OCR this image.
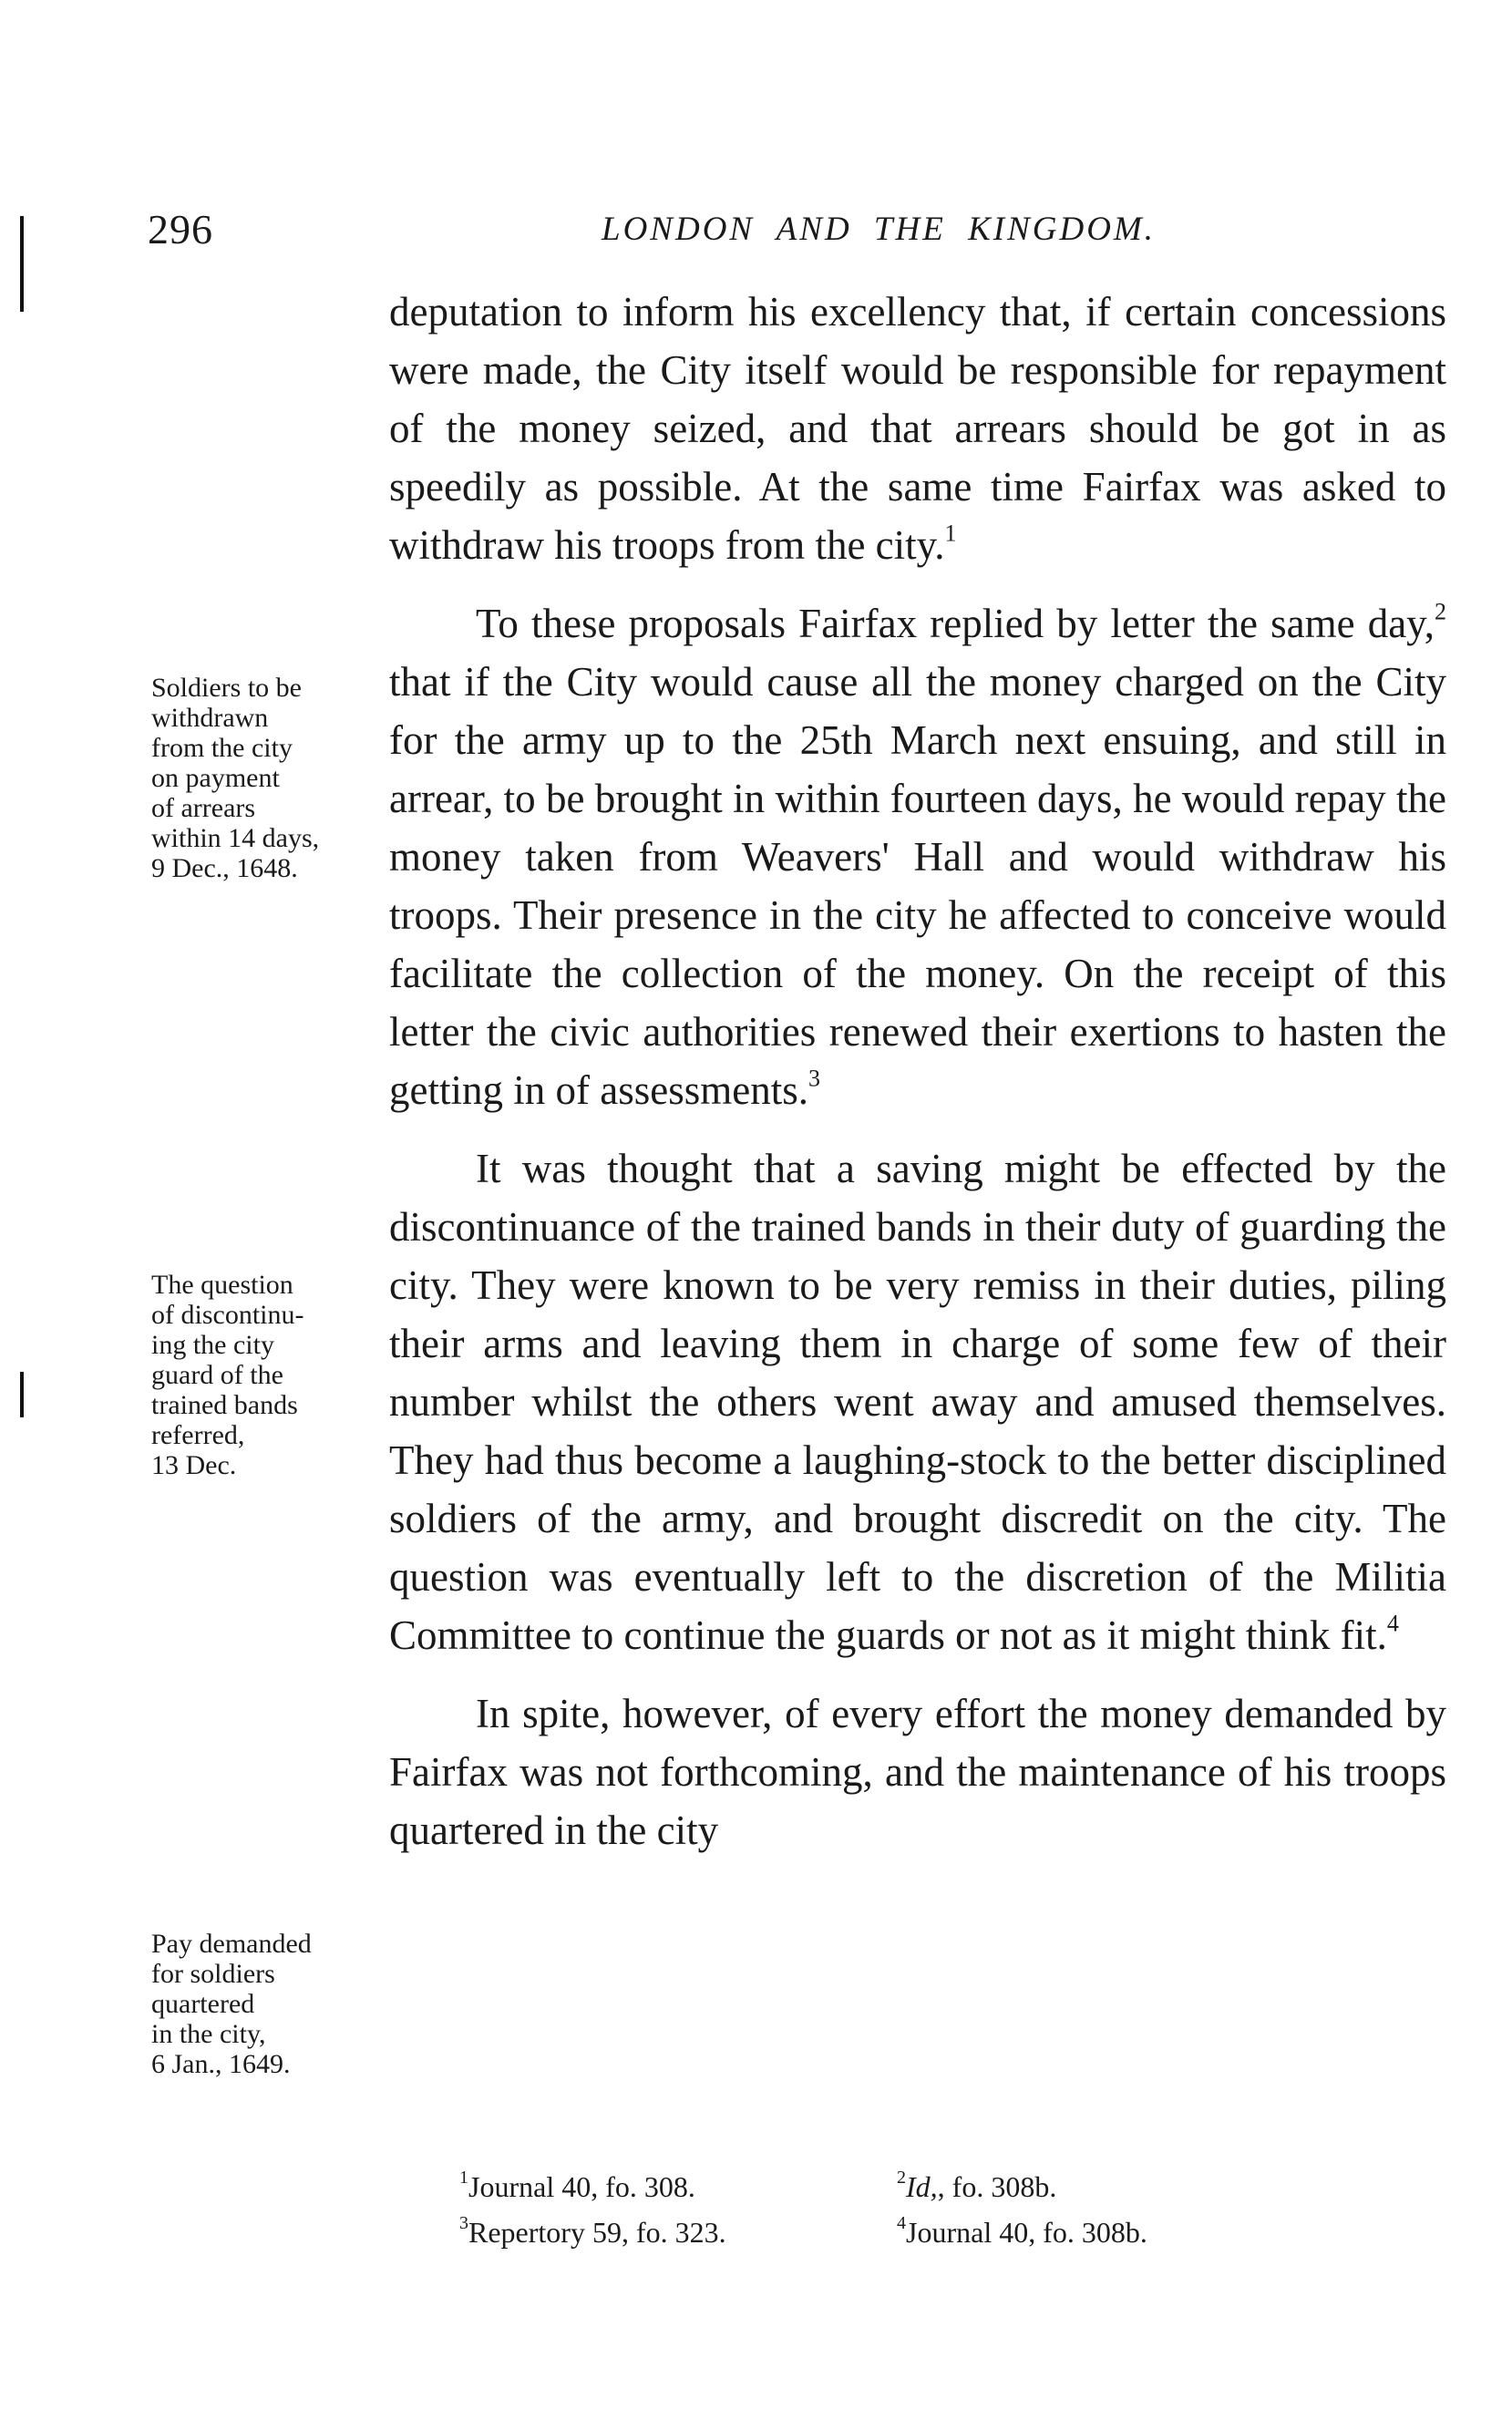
296	LONDON AND THE KINGDOM.
Soldiers to be
withdrawn
from the city
on payment
of arrears
within 14 days,
9 Dec., 1648.
The question
of discontinu-
ing the city
guard of the
trained bands
referred,
13 Dec.
Pay demanded
for soldiers
quartered
in the city,
6 Jan., 1649.

deputation to inform his excellency that, if certain concessions were made, the City itself would be responsible for repayment of the money seized, and that arrears should be got in as speedily as possible. At the same time Fairfax was asked to withdraw his troops from the city.$^1$

To these proposals Fairfax replied by letter the same day,$^2$ that if the City would cause all the money charged on the City for the army up to the 25th March next ensuing, and still in arrear, to be brought in within fourteen days, he would repay the money taken from Weavers' Hall and would withdraw his troops. Their presence in the city he affected to conceive would facilitate the collection of the money. On the receipt of this letter the civic authorities renewed their exertions to hasten the getting in of assessments.$^3$

It was thought that a saving might be effected by the discontinuance of the trained bands in their duty of guarding the city. They were known to be very remiss in their duties, piling their arms and leaving them in charge of some few of their number whilst the others went away and amused themselves. They had thus become a laughing-stock to the better disciplined soldiers of the army, and brought discredit on the city. The question was eventually left to the discretion of the Militia Committee to continue the guards or not as it might think fit.$^4$

In spite, however, of every effort the money demanded by Fairfax was not forthcoming, and the maintenance of his troops quartered in the city

$^1$Journal 40, fo. 308.	$^2$Id,, fo. 308b.
$^3$Repertory 59, fo. 323.	$^4$Journal 40, fo. 308b.
